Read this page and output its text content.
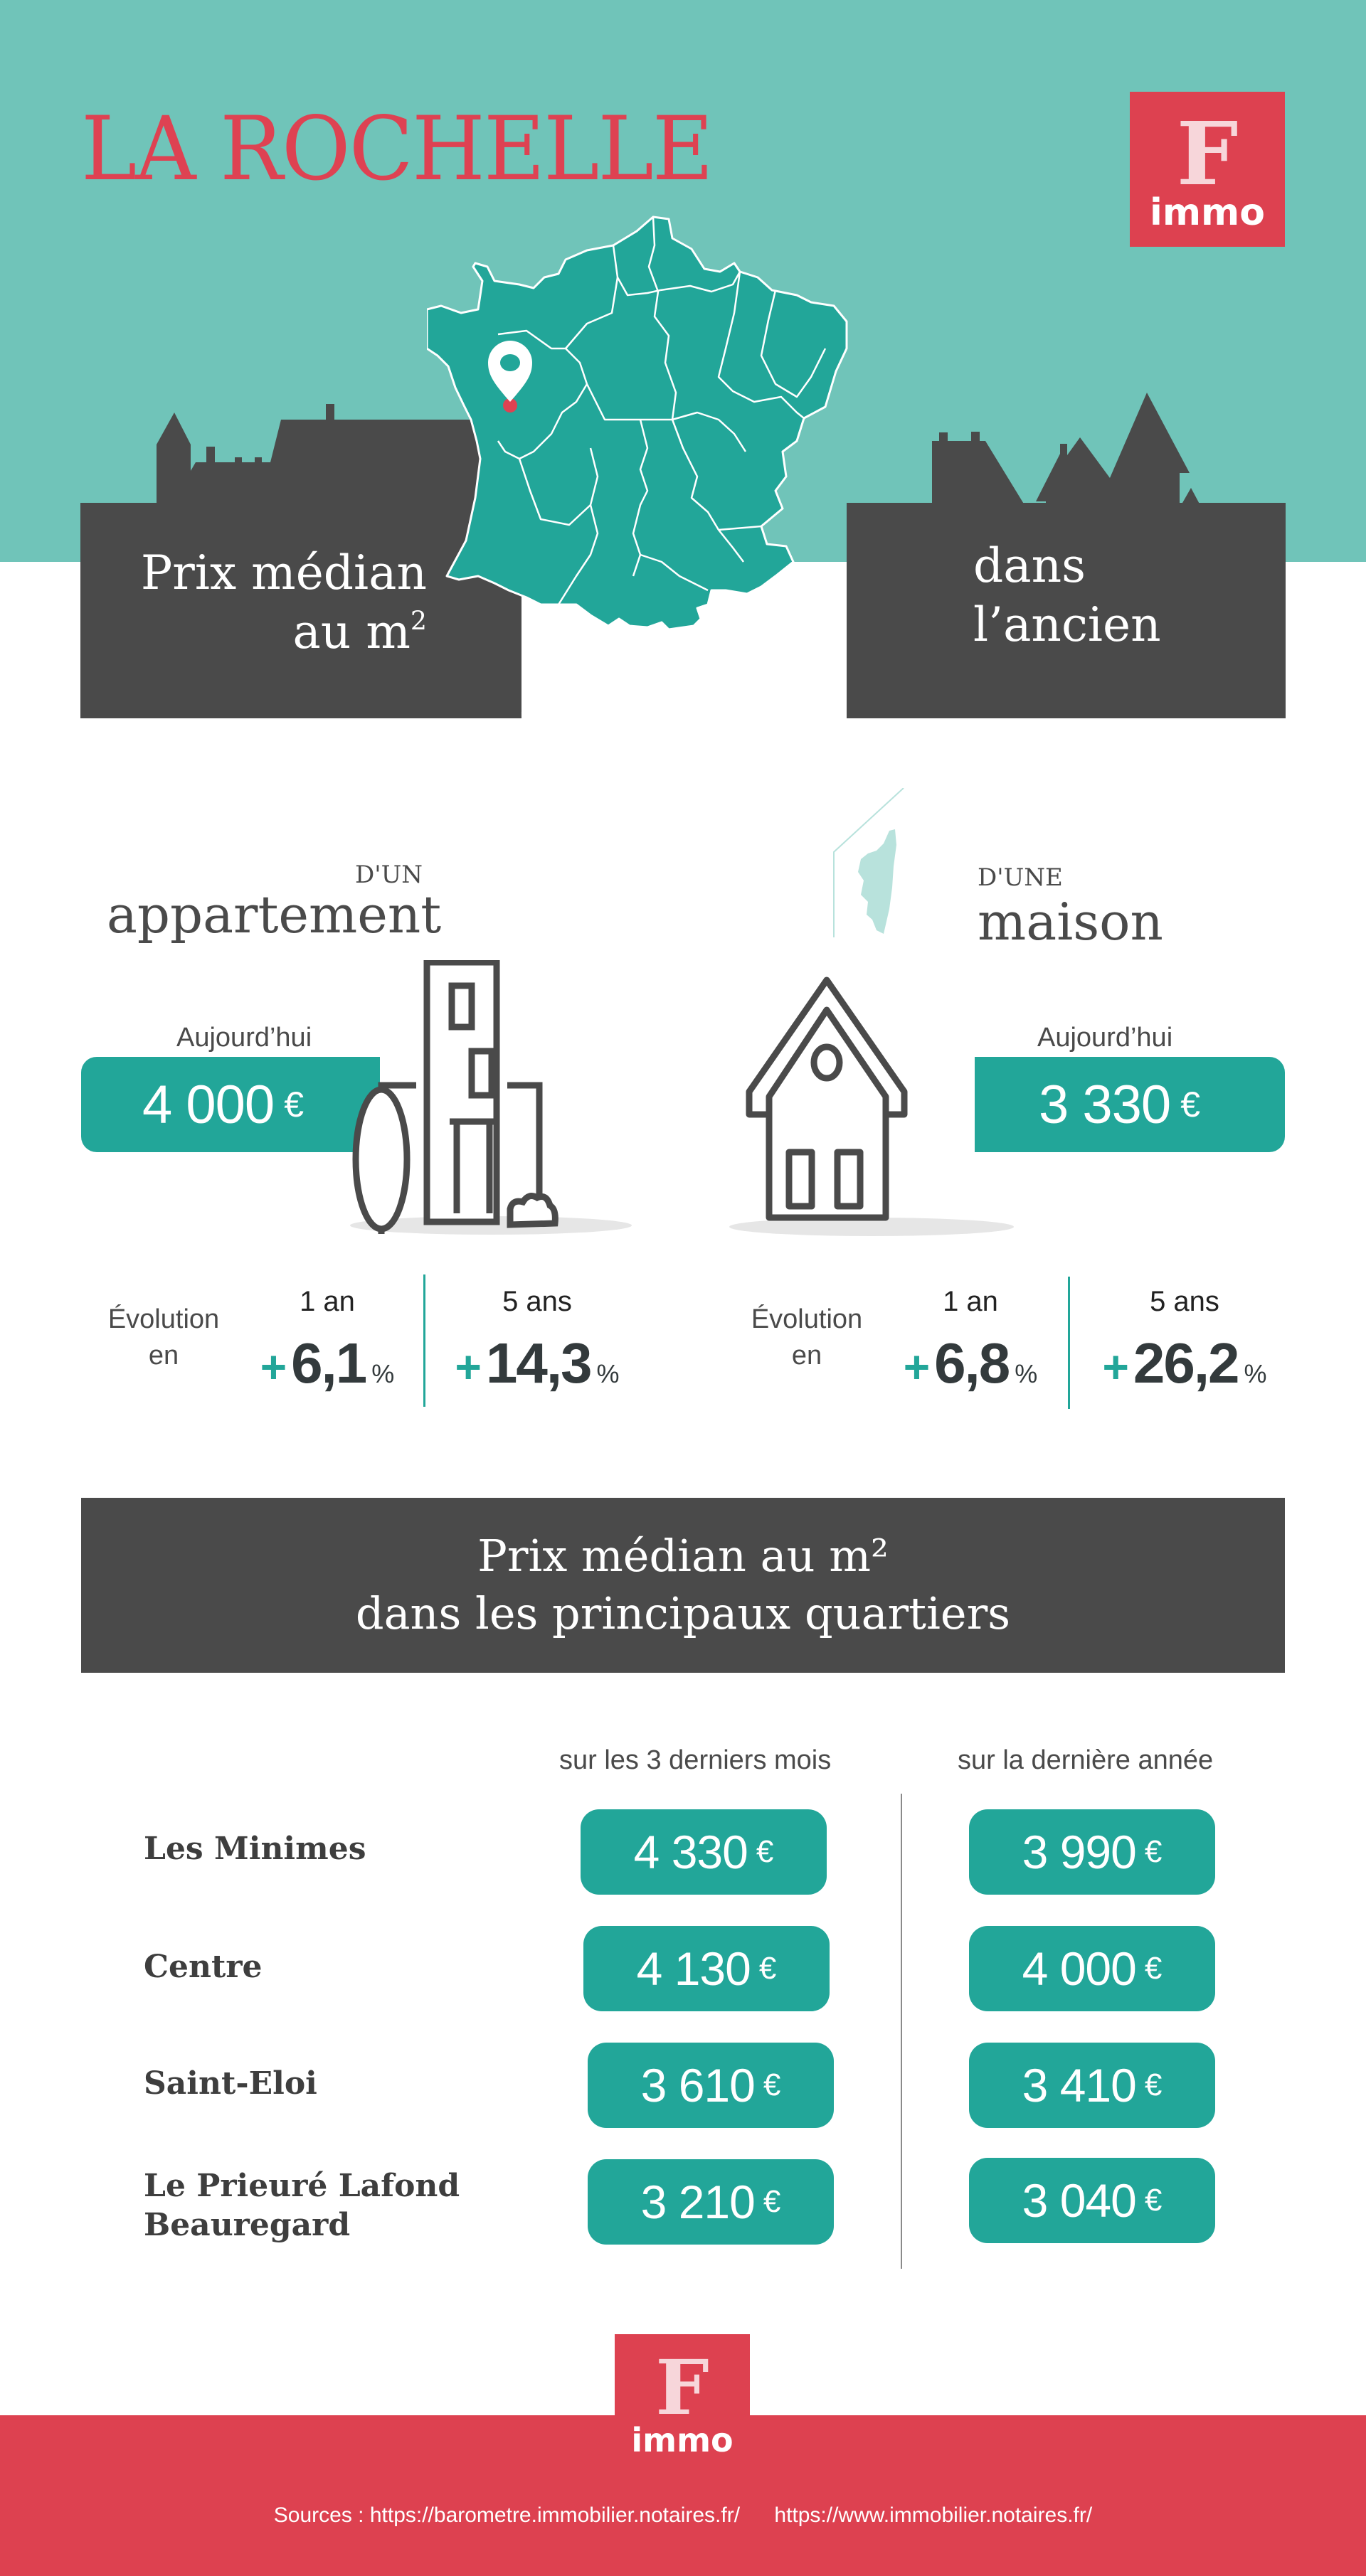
LA ROCHELLE	F
immo
Prix médian
au $m^2$
dans
l’ancien
D'UN
appartement
Aujourd’hui
4 000 €
D'UNE
maison
Aujourd’hui
3 330 €
Évolution
en
1 an
+ 6,1 %
5 ans
+ 14,3 %
Évolution
en
1 an
+ 6,8 %
5 ans
+ 26,2 %
Prix médian au m²
dans les principaux quartiers
sur les 3 derniers mois	sur la dernière année
Les Minimes	4 330 €	3 990 €
Centre	4 130 €	4 000 €
Saint-Eloi	3 610 €	3 410 €
Le Prieuré Lafond
Beauregard	3 210 €	3 040 €
F
immo
Sources : https://barometre.immobilier.notaires.fr/ https://www.immobilier.notaires.fr/
